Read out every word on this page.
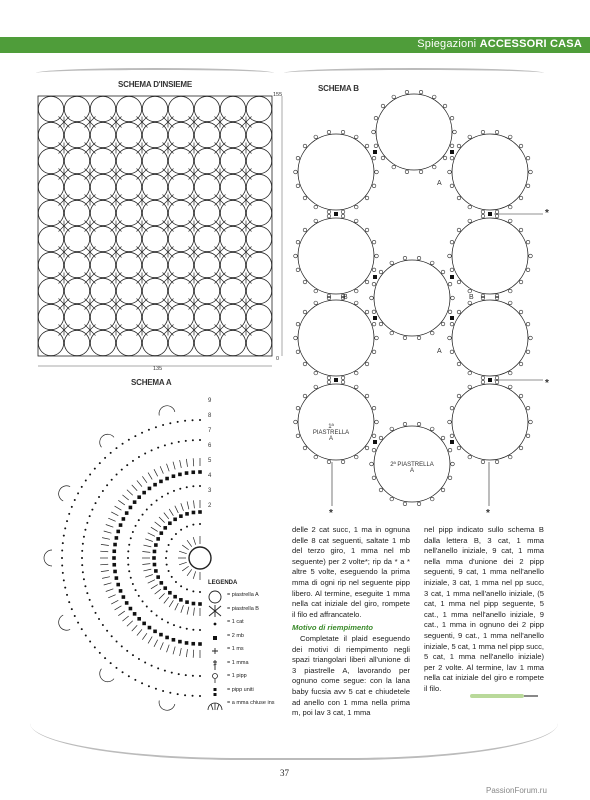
Spiegazioni ACCESSORI CASA
SCHEMA D'INSIEME
155
0
135
SCHEMA B
A
A
B	B
1ª PIASTRELLA
A
2ª PIASTRELLA
A
*
*
*	*
SCHEMA A
9
8
7
6
5
4
3
2
LEGENDA
= piastrella A
= piastrella B
= 1 cat
= 2 mb
= 1 ms
= 1 mma
= 1 pipp
= pipp uniti
= a mma chiuse ins

delle 2 cat succ, 1 ma in ognuna delle 8 cat seguenti, saltate 1 mb del terzo giro, 1 mma nel mb seguente) per 2 volte*; rip da * a * altre 5 volte, eseguendo la prima mma di ogni rip nel seguente pipp libero. Al termine, eseguite 1 mma nella cat iniziale del giro, rompete il filo ed affrancatelo.

Motivo di riempimento

Completate il plaid eseguendo dei motivi di riempimento negli spazi triangolari liberi all'unione di 3 piastrelle A, lavorando per ognuno come segue: con la lana baby fucsia avv 5 cat e chiudetele ad anello con 1 mma nella prima m, poi lav 3 cat, 1 mma

nel pipp indicato sullo schema B dalla lettera B, 3 cat, 1 mma nell'anello iniziale, 9 cat, 1 mma nella mma d'unione dei 2 pipp seguenti, 9 cat, 1 mma nell'anello iniziale, 3 cat, 1 mma nel pp succ, 3 cat, 1 mma nell'anello iniziale, (5 cat, 1 mma nel pipp seguente, 5 cat., 1 mma nell'anello iniziale, 9 cat., 1 mma in ognuno dei 2 pipp seguenti, 9 cat., 1 mma nell'anello iniziale, 5 cat, 1 mma nel pipp succ, 5 cat, 1 mma nell'anello iniziale) per 2 volte. Al termine, lav 1 mma nella cat iniziale del giro e rompete il filo.

37
PassionForum.ru
